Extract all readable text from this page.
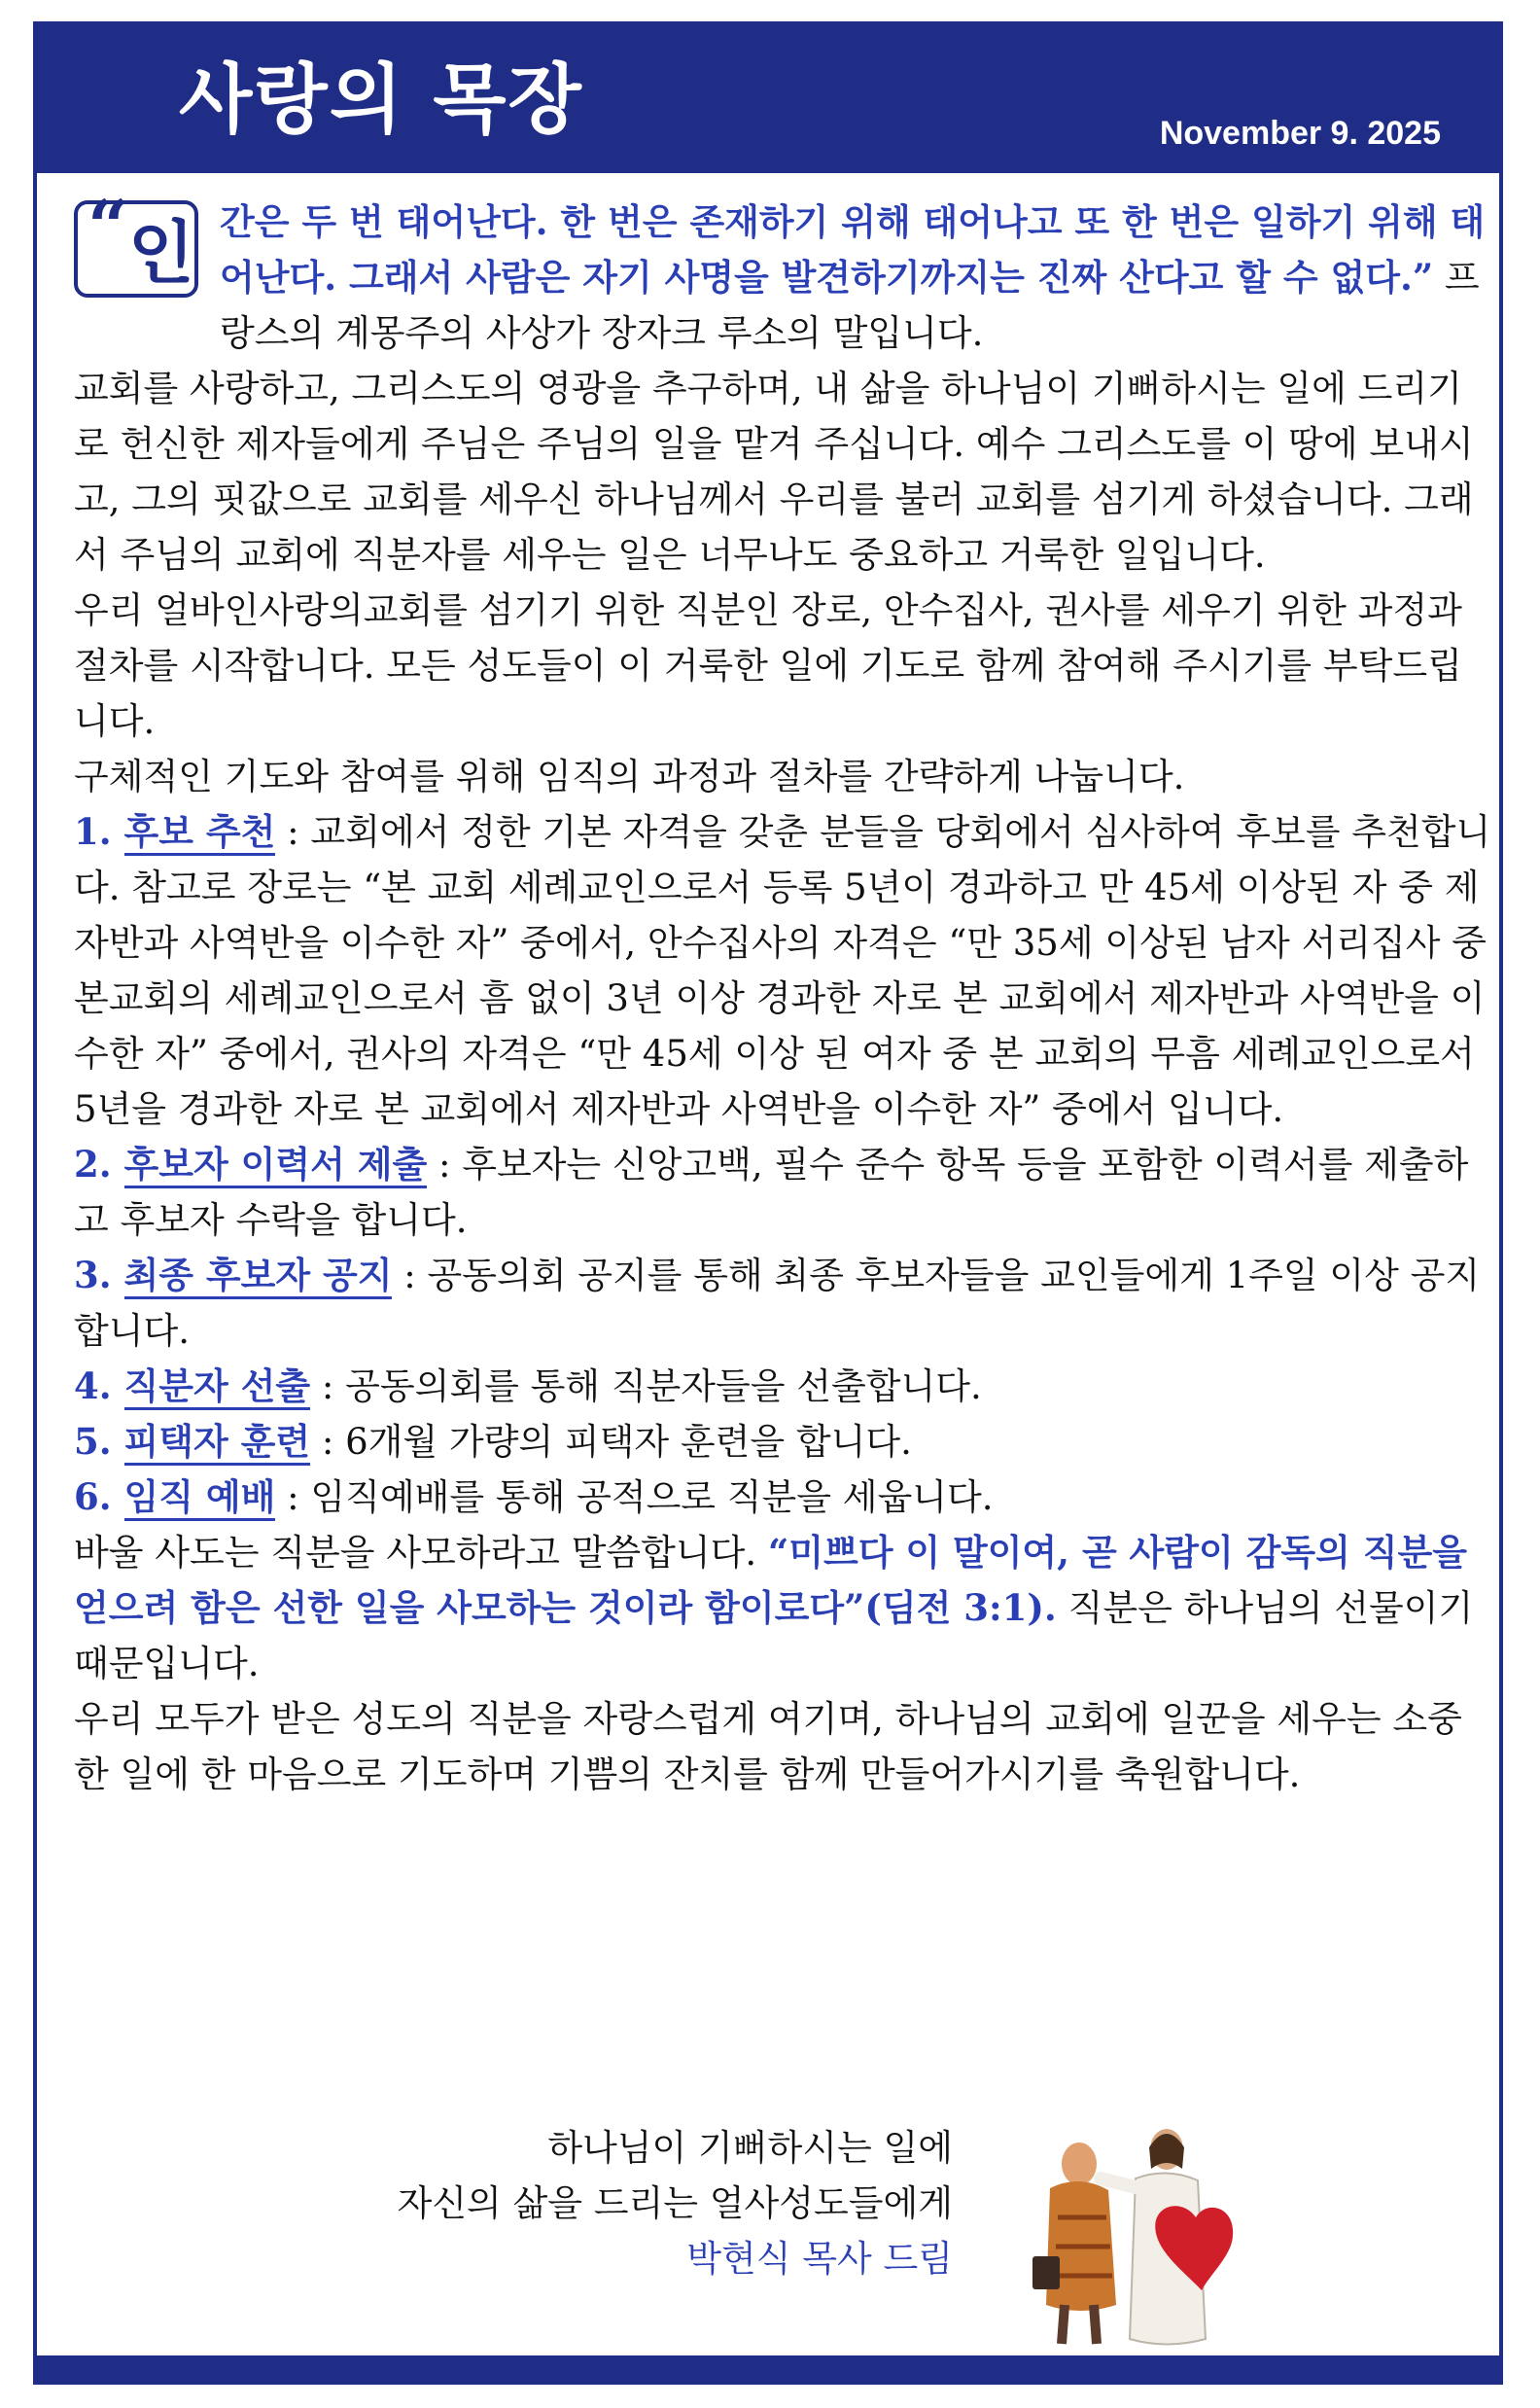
사랑의 목장	November 9. 2025
“ 인 간은 두 번 태어난다. 한 번은 존재하기 위해 태어나고 또 한 번은 일하기 위해 태어난다. 그래서 사람은 자기 사명을 발견하기까지는 진짜 산다고 할 수 없다.” 프랑스의 계몽주의 사상가 장자크 루소의 말입니다.

교회를 사랑하고, 그리스도의 영광을 추구하며, 내 삶을 하나님이 기뻐하시는 일에 드리기로 헌신한 제자들에게 주님은 주님의 일을 맡겨 주십니다. 예수 그리스도를 이 땅에 보내시고, 그의 핏값으로 교회를 세우신 하나님께서 우리를 불러 교회를 섬기게 하셨습니다. 그래서 주님의 교회에 직분자를 세우는 일은 너무나도 중요하고 거룩한 일입니다.

우리 얼바인사랑의교회를 섬기기 위한 직분인 장로, 안수집사, 권사를 세우기 위한 과정과 절차를 시작합니다. 모든 성도들이 이 거룩한 일에 기도로 함께 참여해 주시기를 부탁드립니다.

구체적인 기도와 참여를 위해 임직의 과정과 절차를 간략하게 나눕니다.

1. 후보 추천 : 교회에서 정한 기본 자격을 갖춘 분들을 당회에서 심사하여 후보를 추천합니다. 참고로 장로는 “본 교회 세례교인으로서 등록 5년이 경과하고 만 45세 이상된 자 중 제자반과 사역반을 이수한 자” 중에서, 안수집사의 자격은 “만 35세 이상된 남자 서리집사 중 본교회의 세례교인으로서 흠 없이 3년 이상 경과한 자로 본 교회에서 제자반과 사역반을 이수한 자” 중에서, 권사의 자격은 “만 45세 이상 된 여자 중 본 교회의 무흠 세례교인으로서 5년을 경과한 자로 본 교회에서 제자반과 사역반을 이수한 자” 중에서 입니다.

2. 후보자 이력서 제출 : 후보자는 신앙고백, 필수 준수 항목 등을 포함한 이력서를 제출하고 후보자 수락을 합니다.

3. 최종 후보자 공지 : 공동의회 공지를 통해 최종 후보자들을 교인들에게 1주일 이상 공지합니다.

4. 직분자 선출 : 공동의회를 통해 직분자들을 선출합니다.

5. 피택자 훈련 : 6개월 가량의 피택자 훈련을 합니다.

6. 임직 예배 : 임직예배를 통해 공적으로 직분을 세웁니다.

바울 사도는 직분을 사모하라고 말씀합니다. “미쁘다 이 말이여, 곧 사람이 감독의 직분을 얻으려 함은 선한 일을 사모하는 것이라 함이로다”(딤전 3:1). 직분은 하나님의 선물이기 때문입니다.

우리 모두가 받은 성도의 직분을 자랑스럽게 여기며, 하나님의 교회에 일꾼을 세우는 소중한 일에 한 마음으로 기도하며 기쁨의 잔치를 함께 만들어가시기를 축원합니다.

하나님이 기뻐하시는 일에
자신의 삶을 드리는 얼사성도들에게
박현식 목사 드림
